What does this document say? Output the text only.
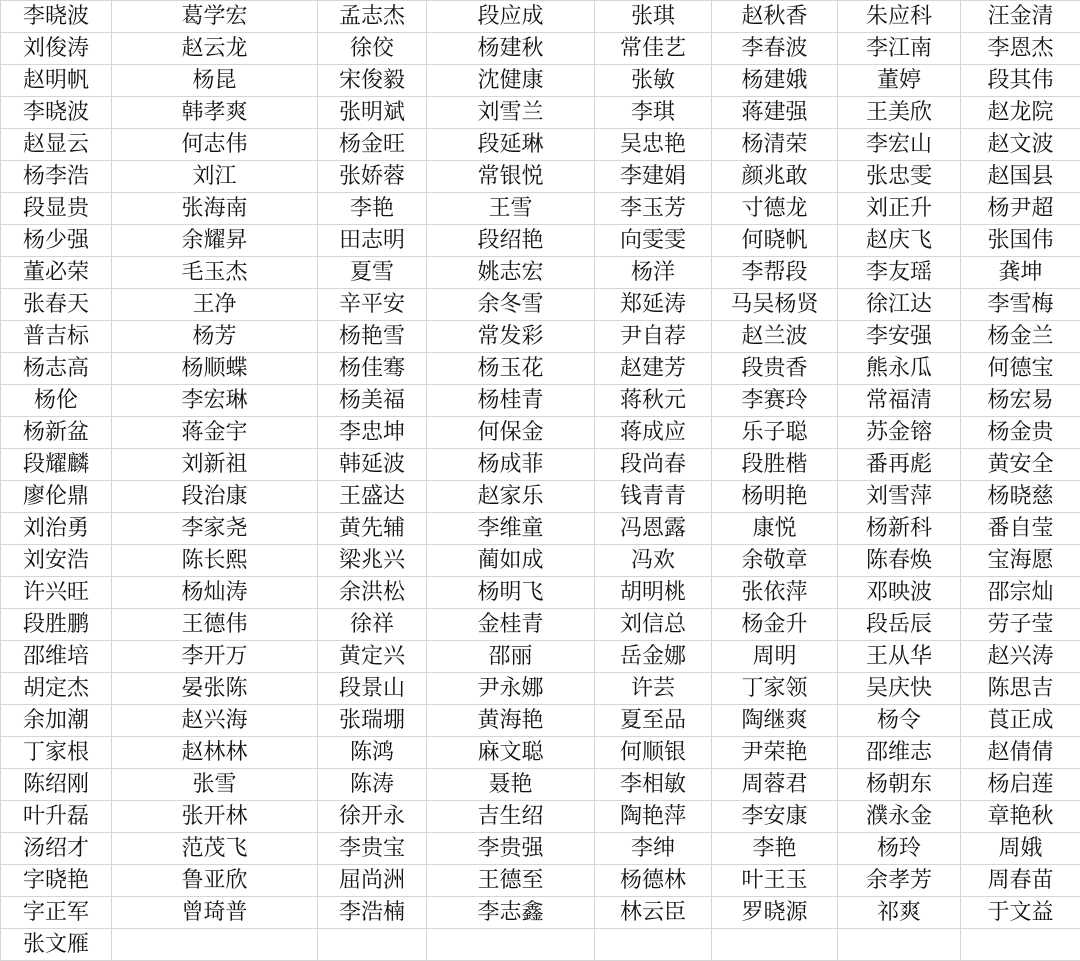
李晓波	葛学宏	孟志杰	段应成	张琪	赵秋香	朱应科	汪金清
刘俊涛	赵云龙	徐佼	杨建秋	常佳艺	李春波	李江南	李恩杰
赵明帆	杨昆	宋俊毅	沈健康	张敏	杨建娥	董婷	段其伟
李晓波	韩孝爽	张明斌	刘雪兰	李琪	蒋建强	王美欣	赵龙院
赵显云	何志伟	杨金旺	段延琳	吴忠艳	杨清荣	李宏山	赵文波
杨李浩	刘江	张娇蓉	常银悦	李建娟	颜兆敢	张忠雯	赵国县
段显贵	张海南	李艳	王雪	李玉芳	寸德龙	刘正升	杨尹超
杨少强	余耀昇	田志明	段绍艳	向雯雯	何晓帆	赵庆飞	张国伟
董必荣	毛玉杰	夏雪	姚志宏	杨洋	李帮段	李友瑶	龚坤
张春天	王净	辛平安	余冬雪	郑延涛	马吴杨贤	徐江达	李雪梅
普吉标	杨芳	杨艳雪	常发彩	尹自荐	赵兰波	李安强	杨金兰
杨志高	杨顺蝶	杨佳骞	杨玉花	赵建芳	段贵香	熊永瓜	何德宝
杨伦	李宏琳	杨美福	杨桂青	蒋秋元	李赛玲	常福清	杨宏易
杨新盆	蒋金宇	李忠坤	何保金	蒋成应	乐子聪	苏金镕	杨金贵
段耀麟	刘新祖	韩延波	杨成菲	段尚春	段胜楷	番再彪	黄安全
廖伦鼎	段治康	王盛达	赵家乐	钱青青	杨明艳	刘雪萍	杨晓慈
刘治勇	李家尧	黄先辅	李维童	冯恩露	康悦	杨新科	番自莹
刘安浩	陈长熙	梁兆兴	蔺如成	冯欢	余敬章	陈春焕	宝海愿
许兴旺	杨灿涛	余洪松	杨明飞	胡明桃	张依萍	邓映波	邵宗灿
段胜鹏	王德伟	徐祥	金桂青	刘信总	杨金升	段岳辰	劳子莹
邵维培	李开万	黄定兴	邵丽	岳金娜	周明	王从华	赵兴涛
胡定杰	晏张陈	段景山	尹永娜	许芸	丁家领	吴庆快	陈思吉
余加潮	赵兴海	张瑞堋	黄海艳	夏至品	陶继爽	杨令	莨正成
丁家根	赵林林	陈鸿	麻文聪	何顺银	尹荣艳	邵维志	赵倩倩
陈绍刚	张雪	陈涛	聂艳	李相敏	周蓉君	杨朝东	杨启莲
叶升磊	张开林	徐开永	吉生绍	陶艳萍	李安康	濮永金	章艳秋
汤绍才	范茂飞	李贵宝	李贵强	李绅	李艳	杨玲	周娥
字晓艳	鲁亚欣	屈尚洲	王德至	杨德林	叶王玉	余孝芳	周春苗
字正军	曾琦普	李浩楠	李志鑫	林云臣	罗晓源	祁爽	于文益
张文雁							
